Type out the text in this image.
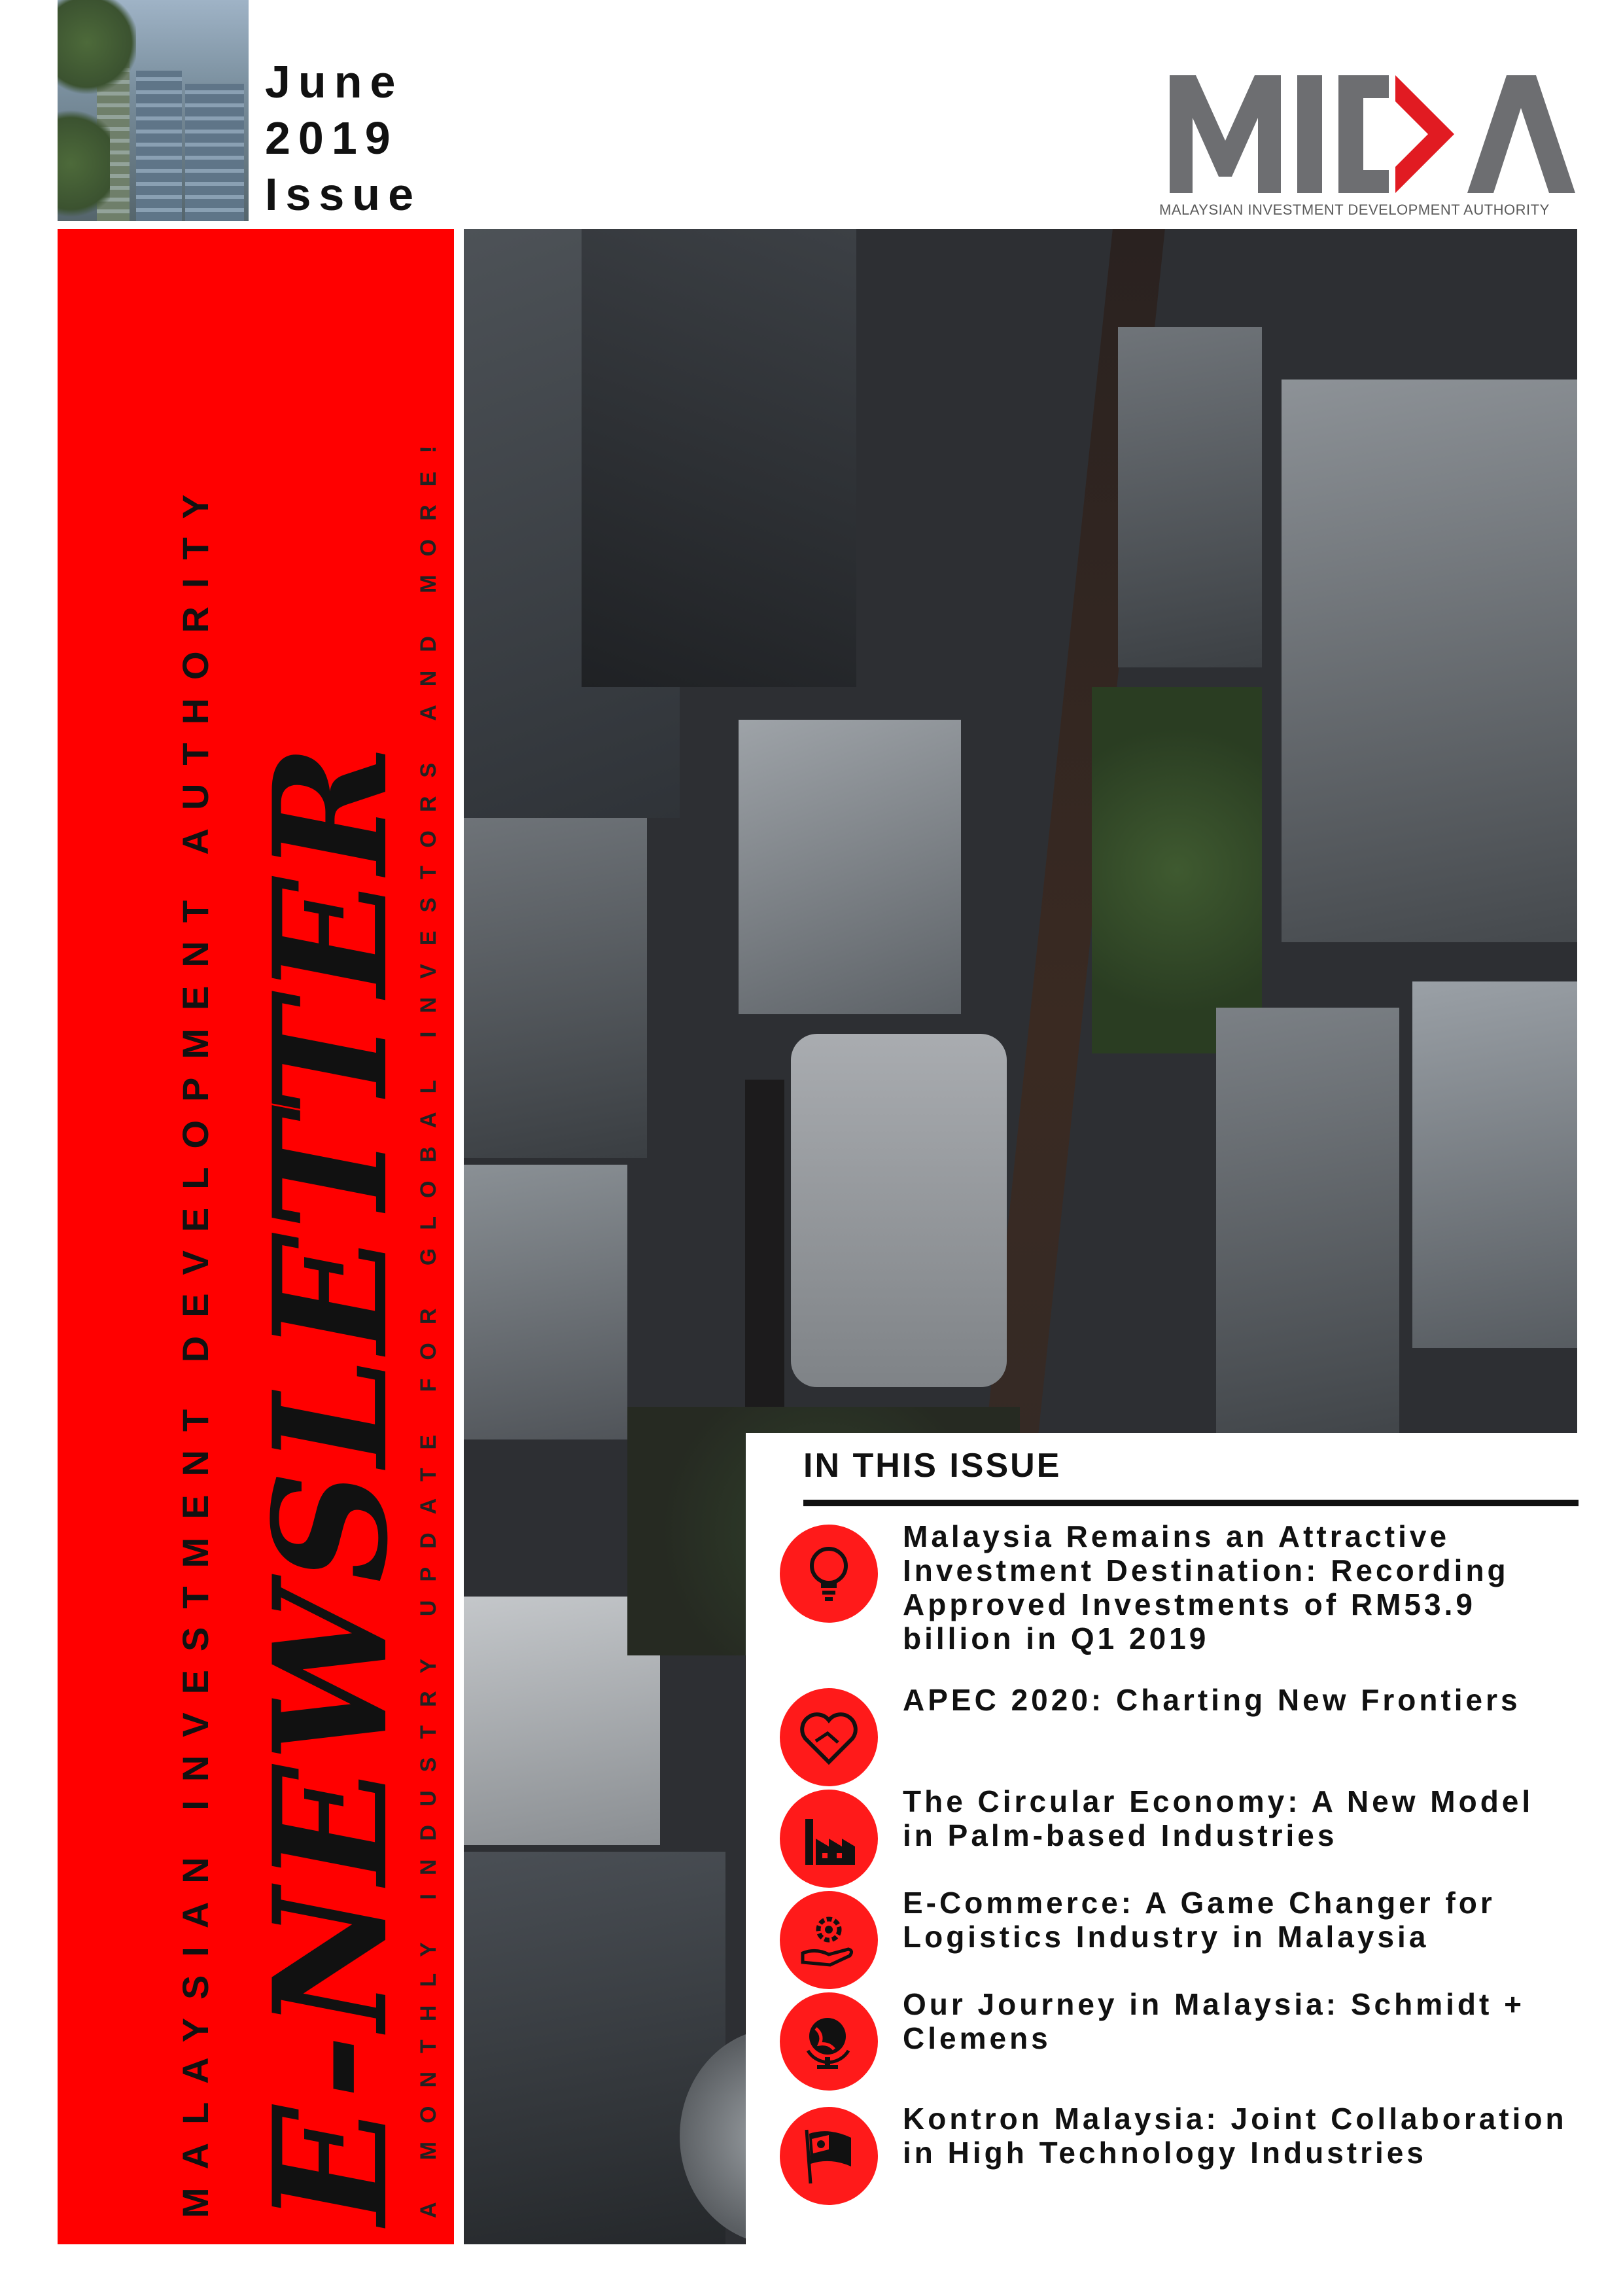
June
2019
Issue	MALAYSIAN INVESTMENT DEVELOPMENT AUTHORITY
MALAYSIAN INVESTMENT DEVELOPMENT AUTHORITY E-NEWSLETTER
A MONTHLY INDUSTRY UPDATE FOR GLOBAL INVESTORS AND MORE!	IN THIS ISSUE
Malaysia Remains an Attractive Investment Destination: Recording Approved Investments of RM53.9 billion in Q1 2019
APEC 2020: Charting New Frontiers
The Circular Economy: A New Model in Palm-based Industries
E-Commerce: A Game Changer for Logistics Industry in Malaysia
Our Journey in Malaysia: Schmidt + Clemens
Kontron Malaysia: Joint Collaboration in High Technology Industries
